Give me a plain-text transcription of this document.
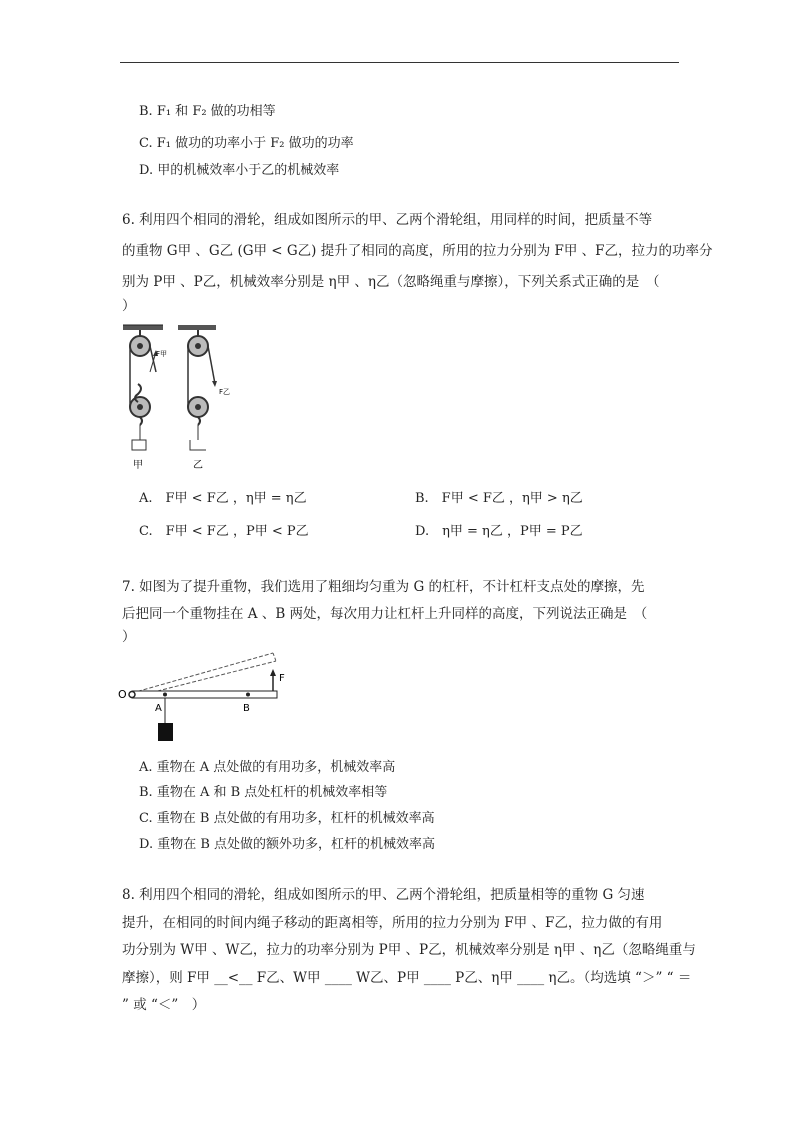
B. F₁ 和 F₂ 做的功相等
C. F₁ 做功的功率小于 F₂ 做功的功率
D. 甲的机械效率小于乙的机械效率
6. 利用四个相同的滑轮，组成如图所示的甲、乙两个滑轮组，用同样的时间，把质量不等
的重物 G甲 、G乙 (G甲 < G乙) 提升了相同的高度，所用的拉力分别为 F甲 、F乙，拉力的功率分
别为 P甲 、P乙，机械效率分别是 η甲 、η乙（忽略绳重与摩擦），下列关系式正确的是　（
）
F甲
F乙
甲	乙
A.　F甲 < F乙 ，η甲 = η乙	B.　F甲 < F乙 ，η甲 > η乙
C.　F甲 < F乙 ，P甲 < P乙	D.　η甲 = η乙 ，P甲 = P乙
7. 如图为了提升重物，我们选用了粗细均匀重为 G 的杠杆，不计杠杆支点处的摩擦，先
后把同一个重物挂在 A 、B 两处，每次用力让杠杆上升同样的高度，下列说法正确是　（
）
O
A	B
F
A. 重物在 A 点处做的有用功多，机械效率高
B. 重物在 A 和 B 点处杠杆的机械效率相等
C. 重物在 B 点处做的有用功多，杠杆的机械效率高
D. 重物在 B 点处做的额外功多，杠杆的机械效率高
8. 利用四个相同的滑轮，组成如图所示的甲、乙两个滑轮组，把质量相等的重物 G 匀速
提升，在相同的时间内绳子移动的距离相等，所用的拉力分别为 F甲 、F乙，拉力做的有用
功分别为 W甲 、W乙，拉力的功率分别为 P甲 、P乙，机械效率分别是 η甲 、η乙（忽略绳重与
摩擦），则 F甲 __<__ F乙、W甲 ____ W乙、P甲 ____ P乙、η甲 ____ η乙。（均选填 “＞” “ ＝
” 或 “＜”　）
